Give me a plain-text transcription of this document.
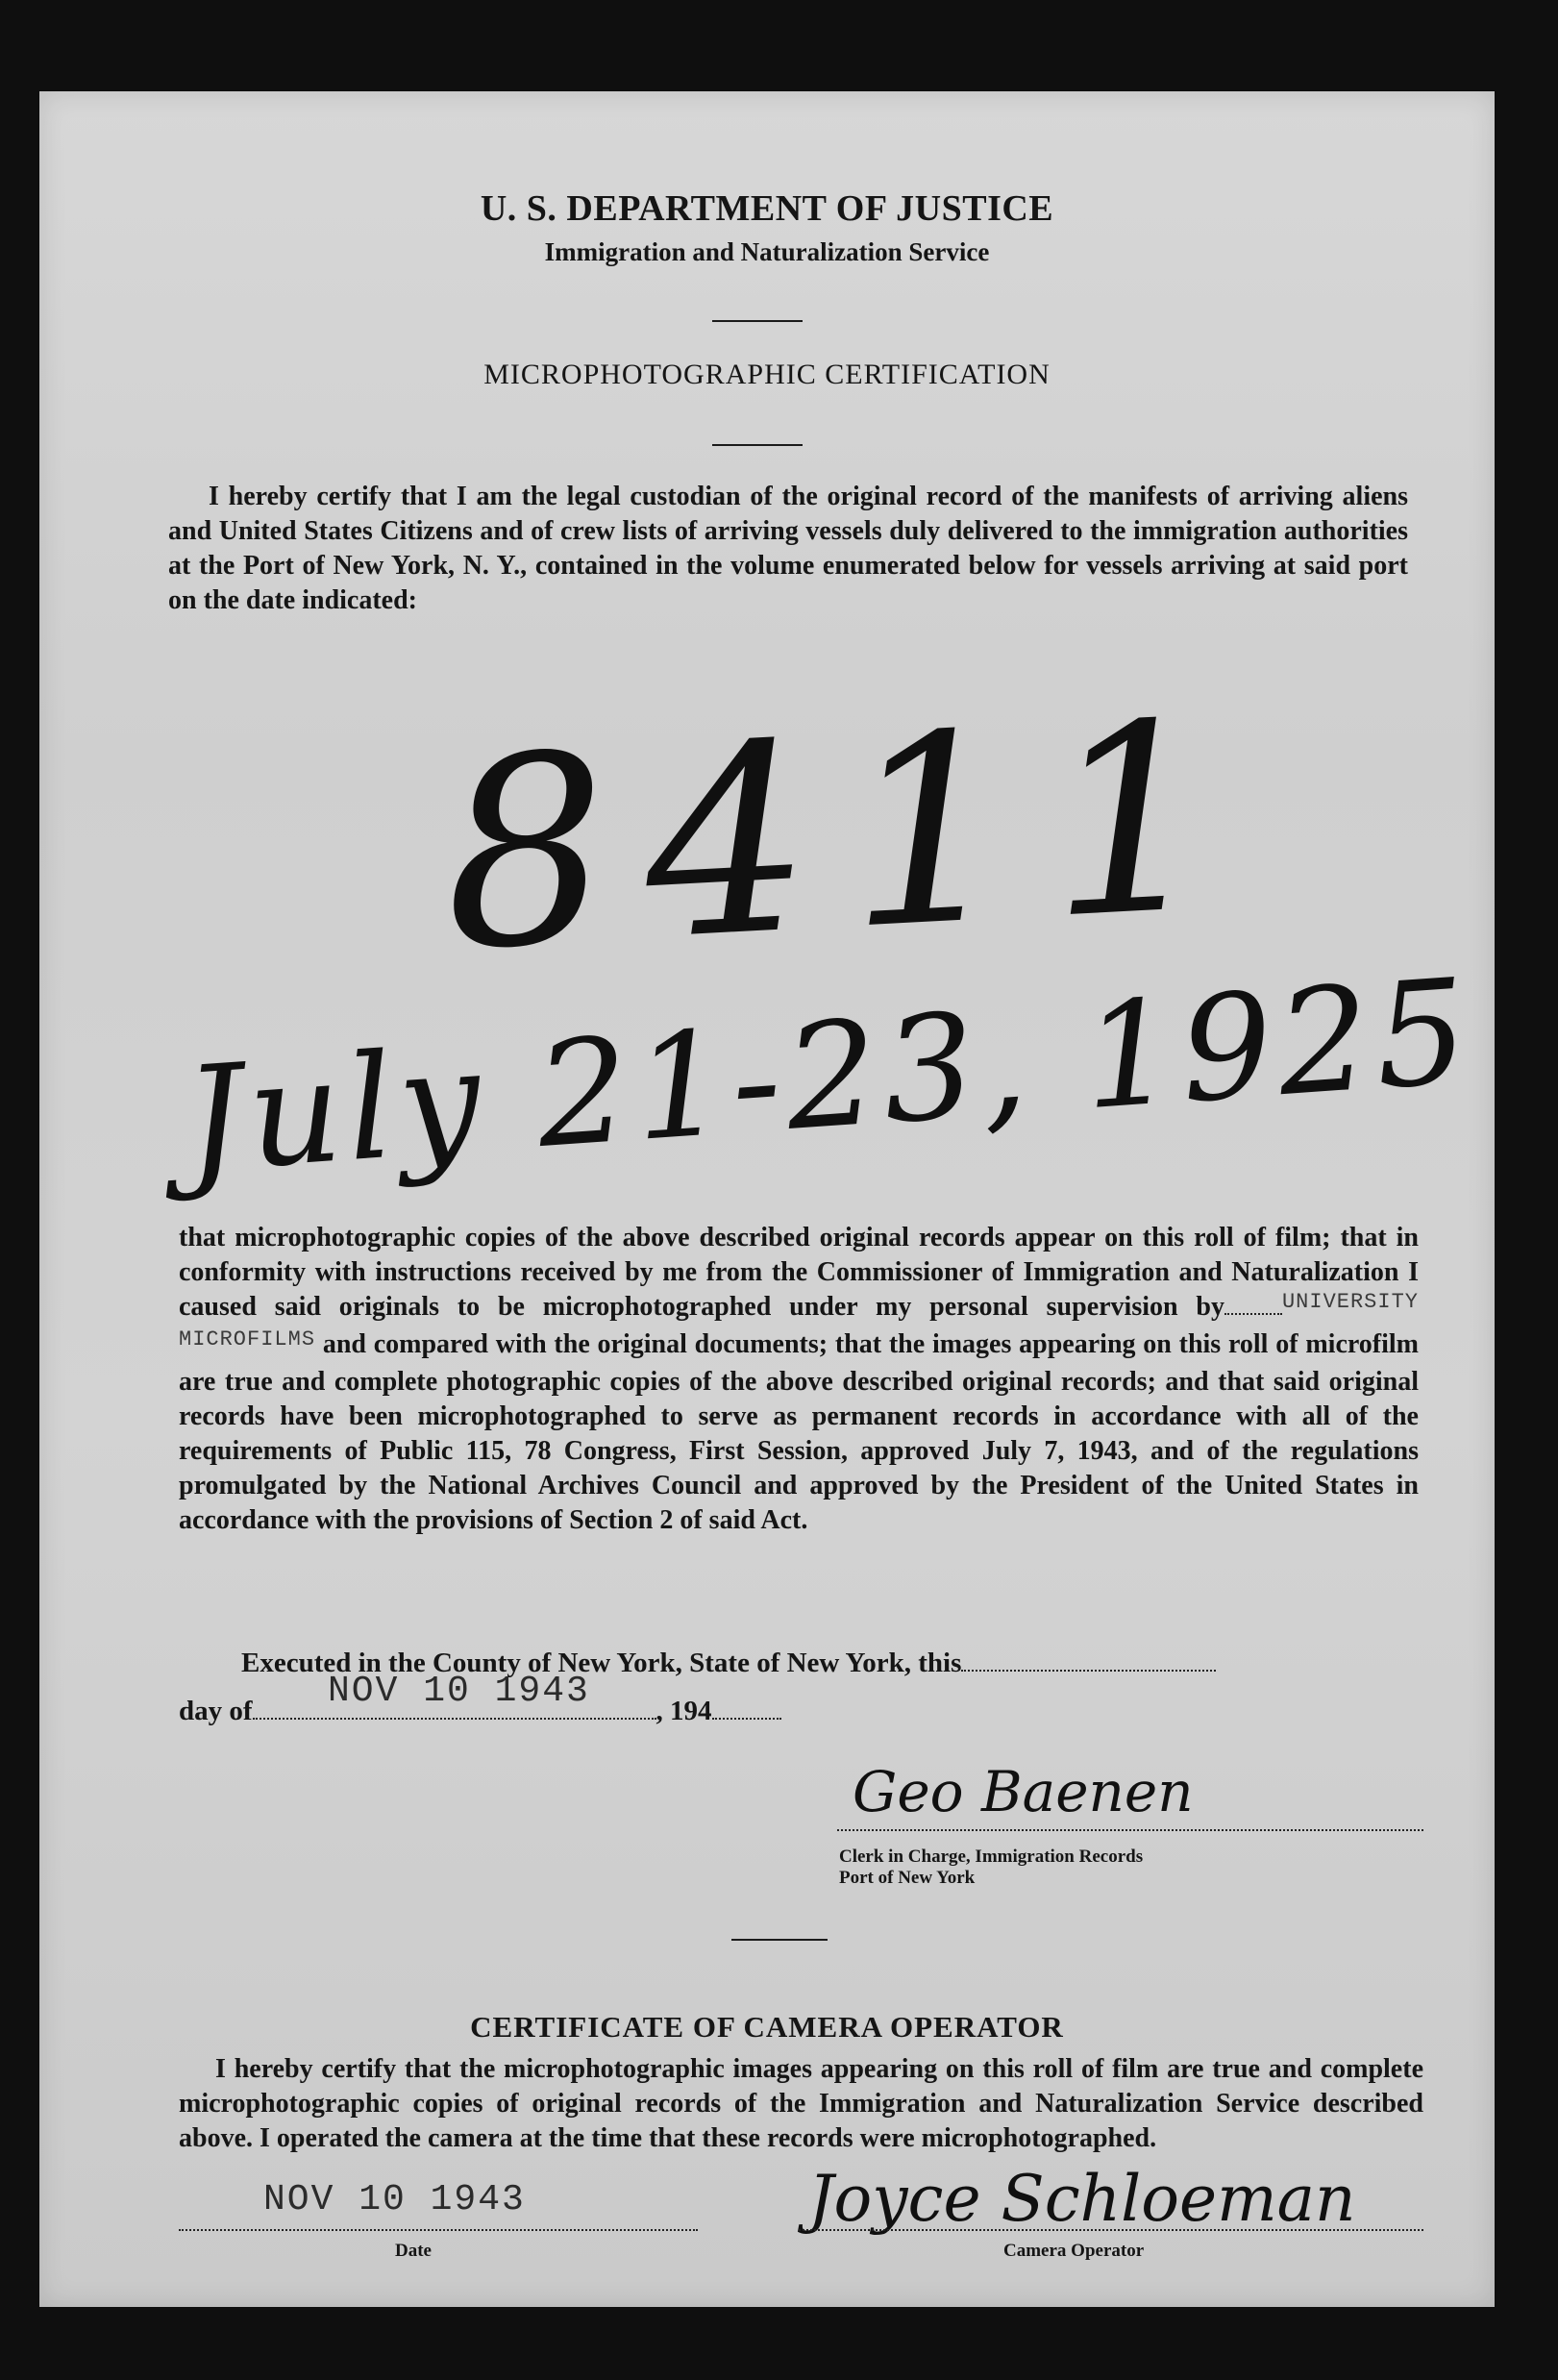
U. S. DEPARTMENT OF JUSTICE
Immigration and Naturalization Service
MICROPHOTOGRAPHIC CERTIFICATION
I hereby certify that I am the legal custodian of the original record of the manifests of arriving aliens and United States Citizens and of crew lists of arriving vessels duly delivered to the immigration authorities at the Port of New York, N. Y., contained in the volume enumerated below for vessels arriving at said port on the date indicated:
8411
July 21-23, 1925
that microphotographic copies of the above described original records appear on this roll of film; that in conformity with instructions received by me from the Commissioner of Immigration and Naturalization I caused said originals to be microphotographed under my personal supervision by	$^{UNIVERSITY MICROFILMS}$ and compared with the original documents; that the images appearing on this roll of microfilm are true and complete photographic copies of the above described original records; and that said original records have been microphotographed to serve as permanent records in accordance with all of the requirements of Public 115, 78 Congress, First Session, approved July 7, 1943, and of the regulations promulgated by the National Archives Council and approved by the President of the United States in accordance with the provisions of Section 2 of said Act.
Executed in the County of New York, State of New York, this
day of	, 194
NOV 10 1943
Geo Baenen
Clerk in Charge, Immigration Records
Port of New York
CERTIFICATE OF CAMERA OPERATOR
I hereby certify that the microphotographic images appearing on this roll of film are true and complete microphotographic copies of original records of the Immigration and Naturalization Service described above. I operated the camera at the time that these records were microphotographed.
NOV 10 1943
Date
Joyce Schloeman
Camera Operator
